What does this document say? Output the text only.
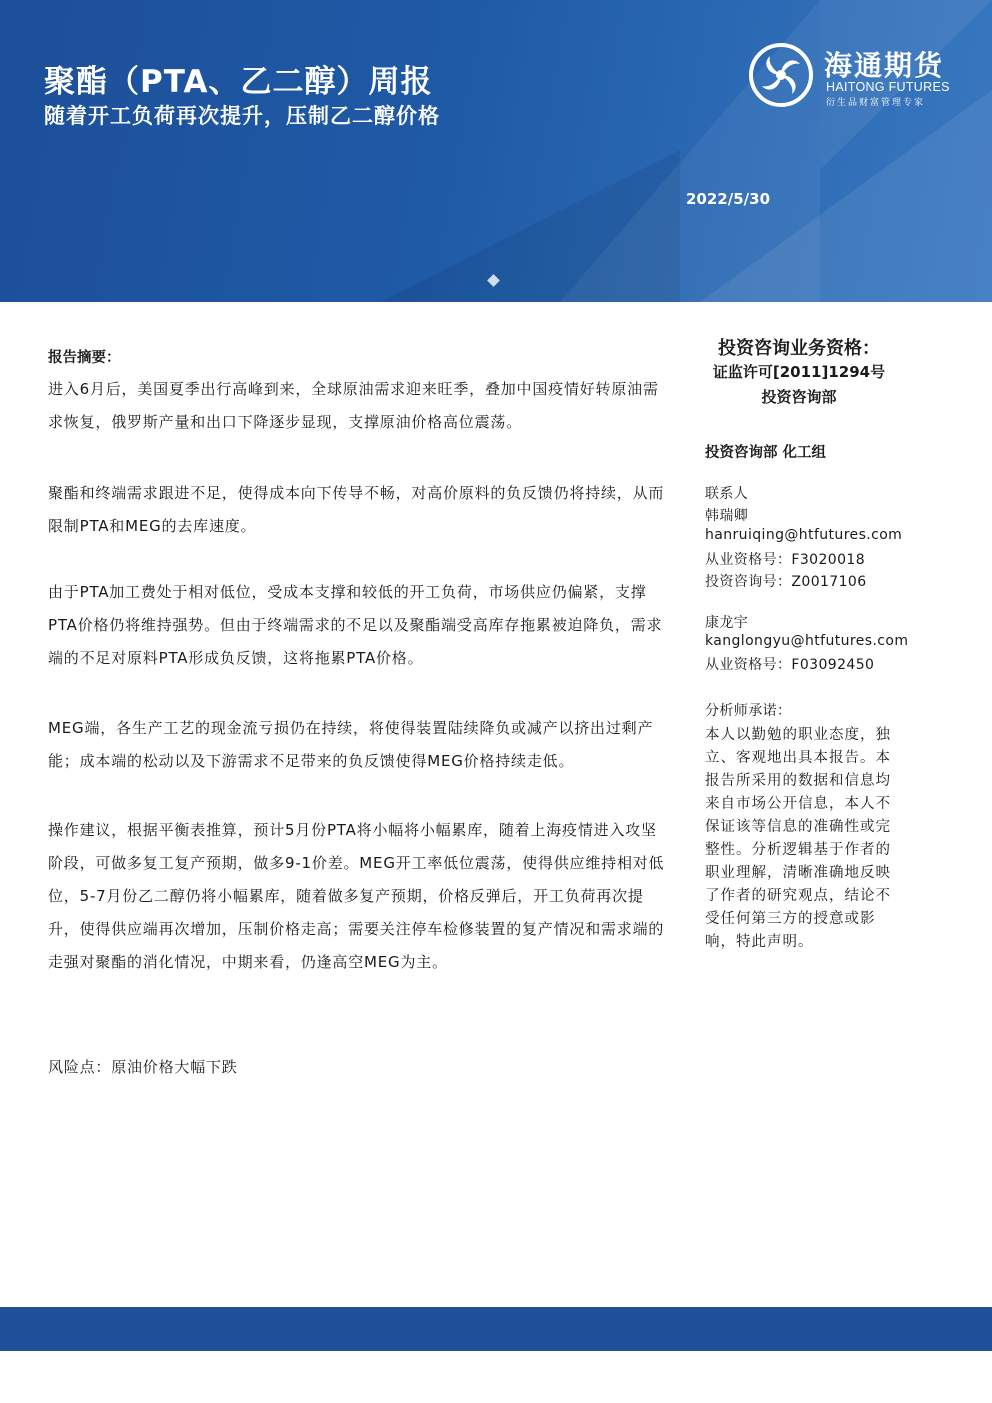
聚酯（PTA、乙二醇）周报
随着开工负荷再次提升，压制乙二醇价格
2022/5/30
海通期货
HAITONG FUTURES
衍生品财富管理专家
报告摘要：

进入6月后，美国夏季出行高峰到来，全球原油需求迎来旺季，叠加中国疫情好转原油需求恢复，俄罗斯产量和出口下降逐步显现，支撑原油价格高位震荡。

聚酯和终端需求跟进不足，使得成本向下传导不畅，对高价原料的负反馈仍将持续，从而限制PTA和MEG的去库速度。

由于PTA加工费处于相对低位，受成本支撑和较低的开工负荷，市场供应仍偏紧，支撑PTA价格仍将维持强势。但由于终端需求的不足以及聚酯端受高库存拖累被迫降负，需求端的不足对原料PTA形成负反馈，这将拖累PTA价格。

MEG端，各生产工艺的现金流亏损仍在持续，将使得装置陆续降负或减产以挤出过剩产能；成本端的松动以及下游需求不足带来的负反馈使得MEG价格持续走低。

操作建议，根据平衡表推算，预计5月份PTA将小幅将小幅累库，随着上海疫情进入攻坚阶段，可做多复工复产预期，做多9-1价差。MEG开工率低位震荡，使得供应维持相对低位，5-7月份乙二醇仍将小幅累库，随着做多复产预期，价格反弹后，开工负荷再次提升，使得供应端再次增加，压制价格走高；需要关注停车检修装置的复产情况和需求端的走强对聚酯的消化情况，中期来看，仍逢高空MEG为主。

风险点：原油价格大幅下跌
投资咨询业务资格：
证监许可[2011]1294号
投资咨询部
投资咨询部 化工组
联系人
韩瑞卿
hanruiqing@htfutures.com
从业资格号：F3020018
投资咨询号：Z0017106
康龙宇
kanglongyu@htfutures.com
从业资格号：F03092450
分析师承诺：

本人以勤勉的职业态度，独立、客观地出具本报告。本报告所采用的数据和信息均来自市场公开信息，本人不保证该等信息的准确性或完整性。分析逻辑基于作者的职业理解，清晰准确地反映了作者的研究观点，结论不受任何第三方的授意或影响，特此声明。
